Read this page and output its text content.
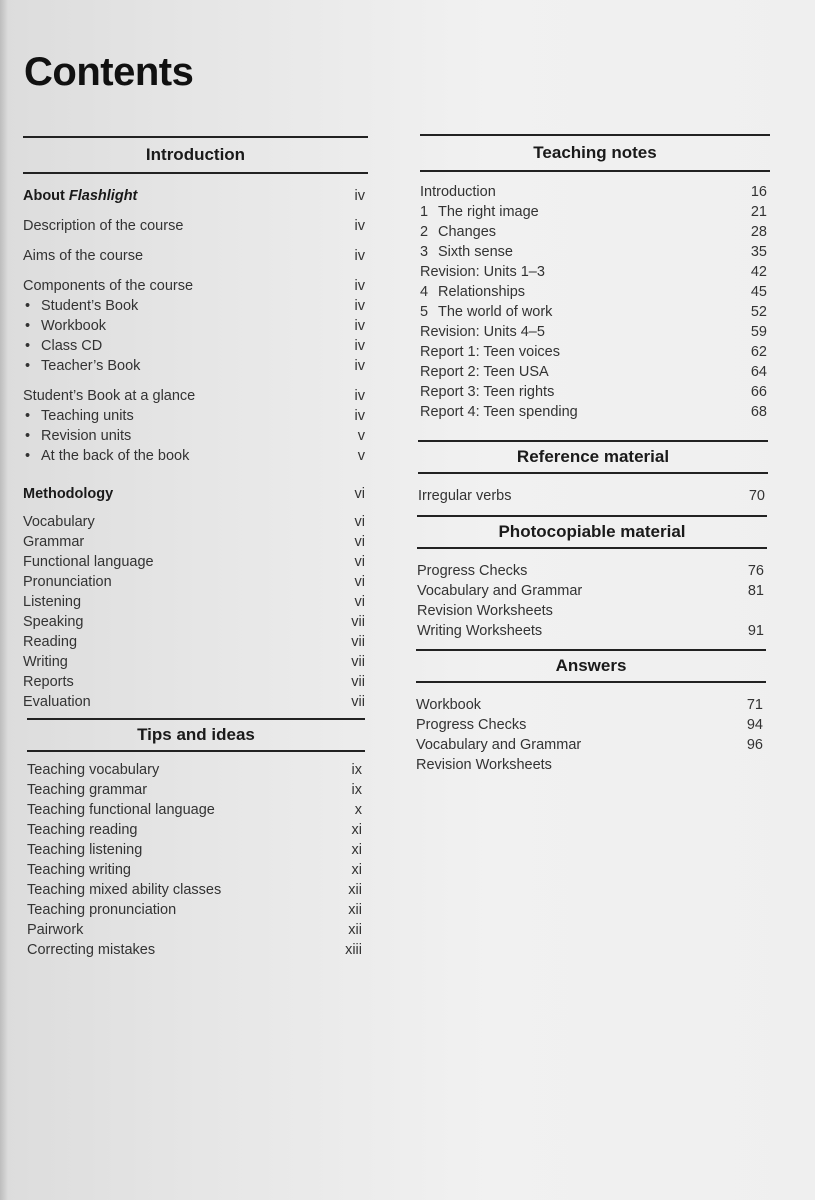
Contents
Introduction
About Flashlight	iv
Description of the course	iv
Aims of the course	iv
Components of the course	iv
• Student’s Book	iv
• Workbook	iv
• Class CD	iv
• Teacher’s Book	iv
Student’s Book at a glance	iv
• Teaching units	iv
• Revision units	v
• At the back of the book	v
Methodology	vi
Vocabulary	vi
Grammar	vi
Functional language	vi
Pronunciation	vi
Listening	vi
Speaking	vii
Reading	vii
Writing	vii
Reports	vii
Evaluation	vii
Tips and ideas
Teaching vocabulary	ix
Teaching grammar	ix
Teaching functional language	x
Teaching reading	xi
Teaching listening	xi
Teaching writing	xi
Teaching mixed ability classes	xii
Teaching pronunciation	xii
Pairwork	xii
Correcting mistakes	xiii
Teaching notes
Introduction	16
1 The right image	21
2 Changes	28
3 Sixth sense	35
Revision: Units 1–3	42
4 Relationships	45
5 The world of work	52
Revision: Units 4–5	59
Report 1: Teen voices	62
Report 2: Teen USA	64
Report 3: Teen rights	66
Report 4: Teen spending	68
Reference material
Irregular verbs	70
Photocopiable material
Progress Checks	76
Vocabulary and Grammar	81
Revision Worksheets
Writing Worksheets	91
Answers
Workbook	71
Progress Checks	94
Vocabulary and Grammar	96
Revision Worksheets
